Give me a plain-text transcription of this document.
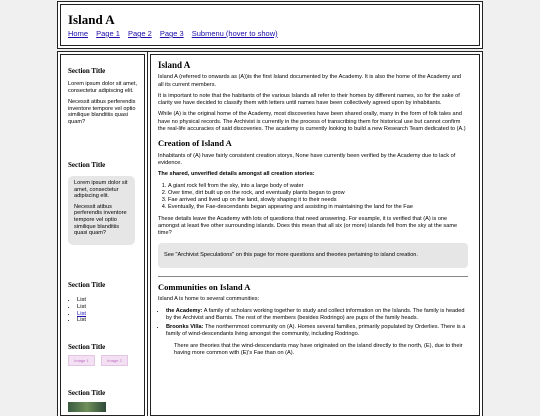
Island A
Home Page 1 Page 2 Page 3 Submenu (hover to show)
Section Title

Lorem ipsum dolor sit amet, consectetur adipiscing elit.

Necessit atibus perferendis inventore tempore vel optio similique blanditiis quasi quam?

Section Title

Lorem ipsum dolor sit amet, consectetur adipiscing elit.

Necessit atibus perferendis inventore tempore vel optio similique blanditiis quasi quam?

Section Title
• List
• List
• List
• List
Section Title
Image 1	Image 2
Section Title
Island A

Island A (referred to onwards as (A))is the first Island documented by the Academy. It is also the home of the Academy and all its current members.

It is important to note that the habitants of the various Islands all refer to their homes by different names, so for the sake of clarity we have decided to classify them with letters until names have been collectively agreed upon by inhabitants.

While (A) is the original home of the Academy, most discoveries have been shared orally, many in the form of folk tales and have no physical records. The Archivist is currently in the process of transcribing them for historical use but cannot confirm the real-life accuracies of said discoveries. The academy is currently looking to build a new Research Team dedicated to (A.)

Creation of Island A

Inhabitants of (A) have fairly consistent creation storys, None have currently been verified by the Academy due to lack of evidence.

The shared, unverified details amongst all creation stories:

1. A giant rock fell from the sky, into a large body of water
2. Over time, dirt built up on the rock, and eventually plants began to grow
3. Fae arrived and lived up on the land, slowly shaping it to their needs
4. Eventually, the Fae-descendants began appearing and assisting in maintaining the land for the Fae

These details leave the Academy with lots of questions that need answering. For example, it is verified that (A) is one amongst at least five other surrounding islands. Does this mean that all six (or more) islands fell from the sky at the same time?

See "Archivist Speculations" on this page for more questions and theories pertaining to island creation.
Communities on Island A

Island A is home to several communities:

• the Academy: A family of scholars working together to study and collect information on the Islands. The family is headed by the Archivist and Barnis. The rest of the members (besides Rodringo) are pups of the family heads.
• Broonks Villa: The northernmost community on (A). Homes several families, primarily populated by Orderlies. There is a family of wind-descendants living amongst the community, including Rodringo.

There are theories that the wind-descendants may have originated on the island directly to the north, (E), due to their having more common with (E)'s Fae than on (A).
